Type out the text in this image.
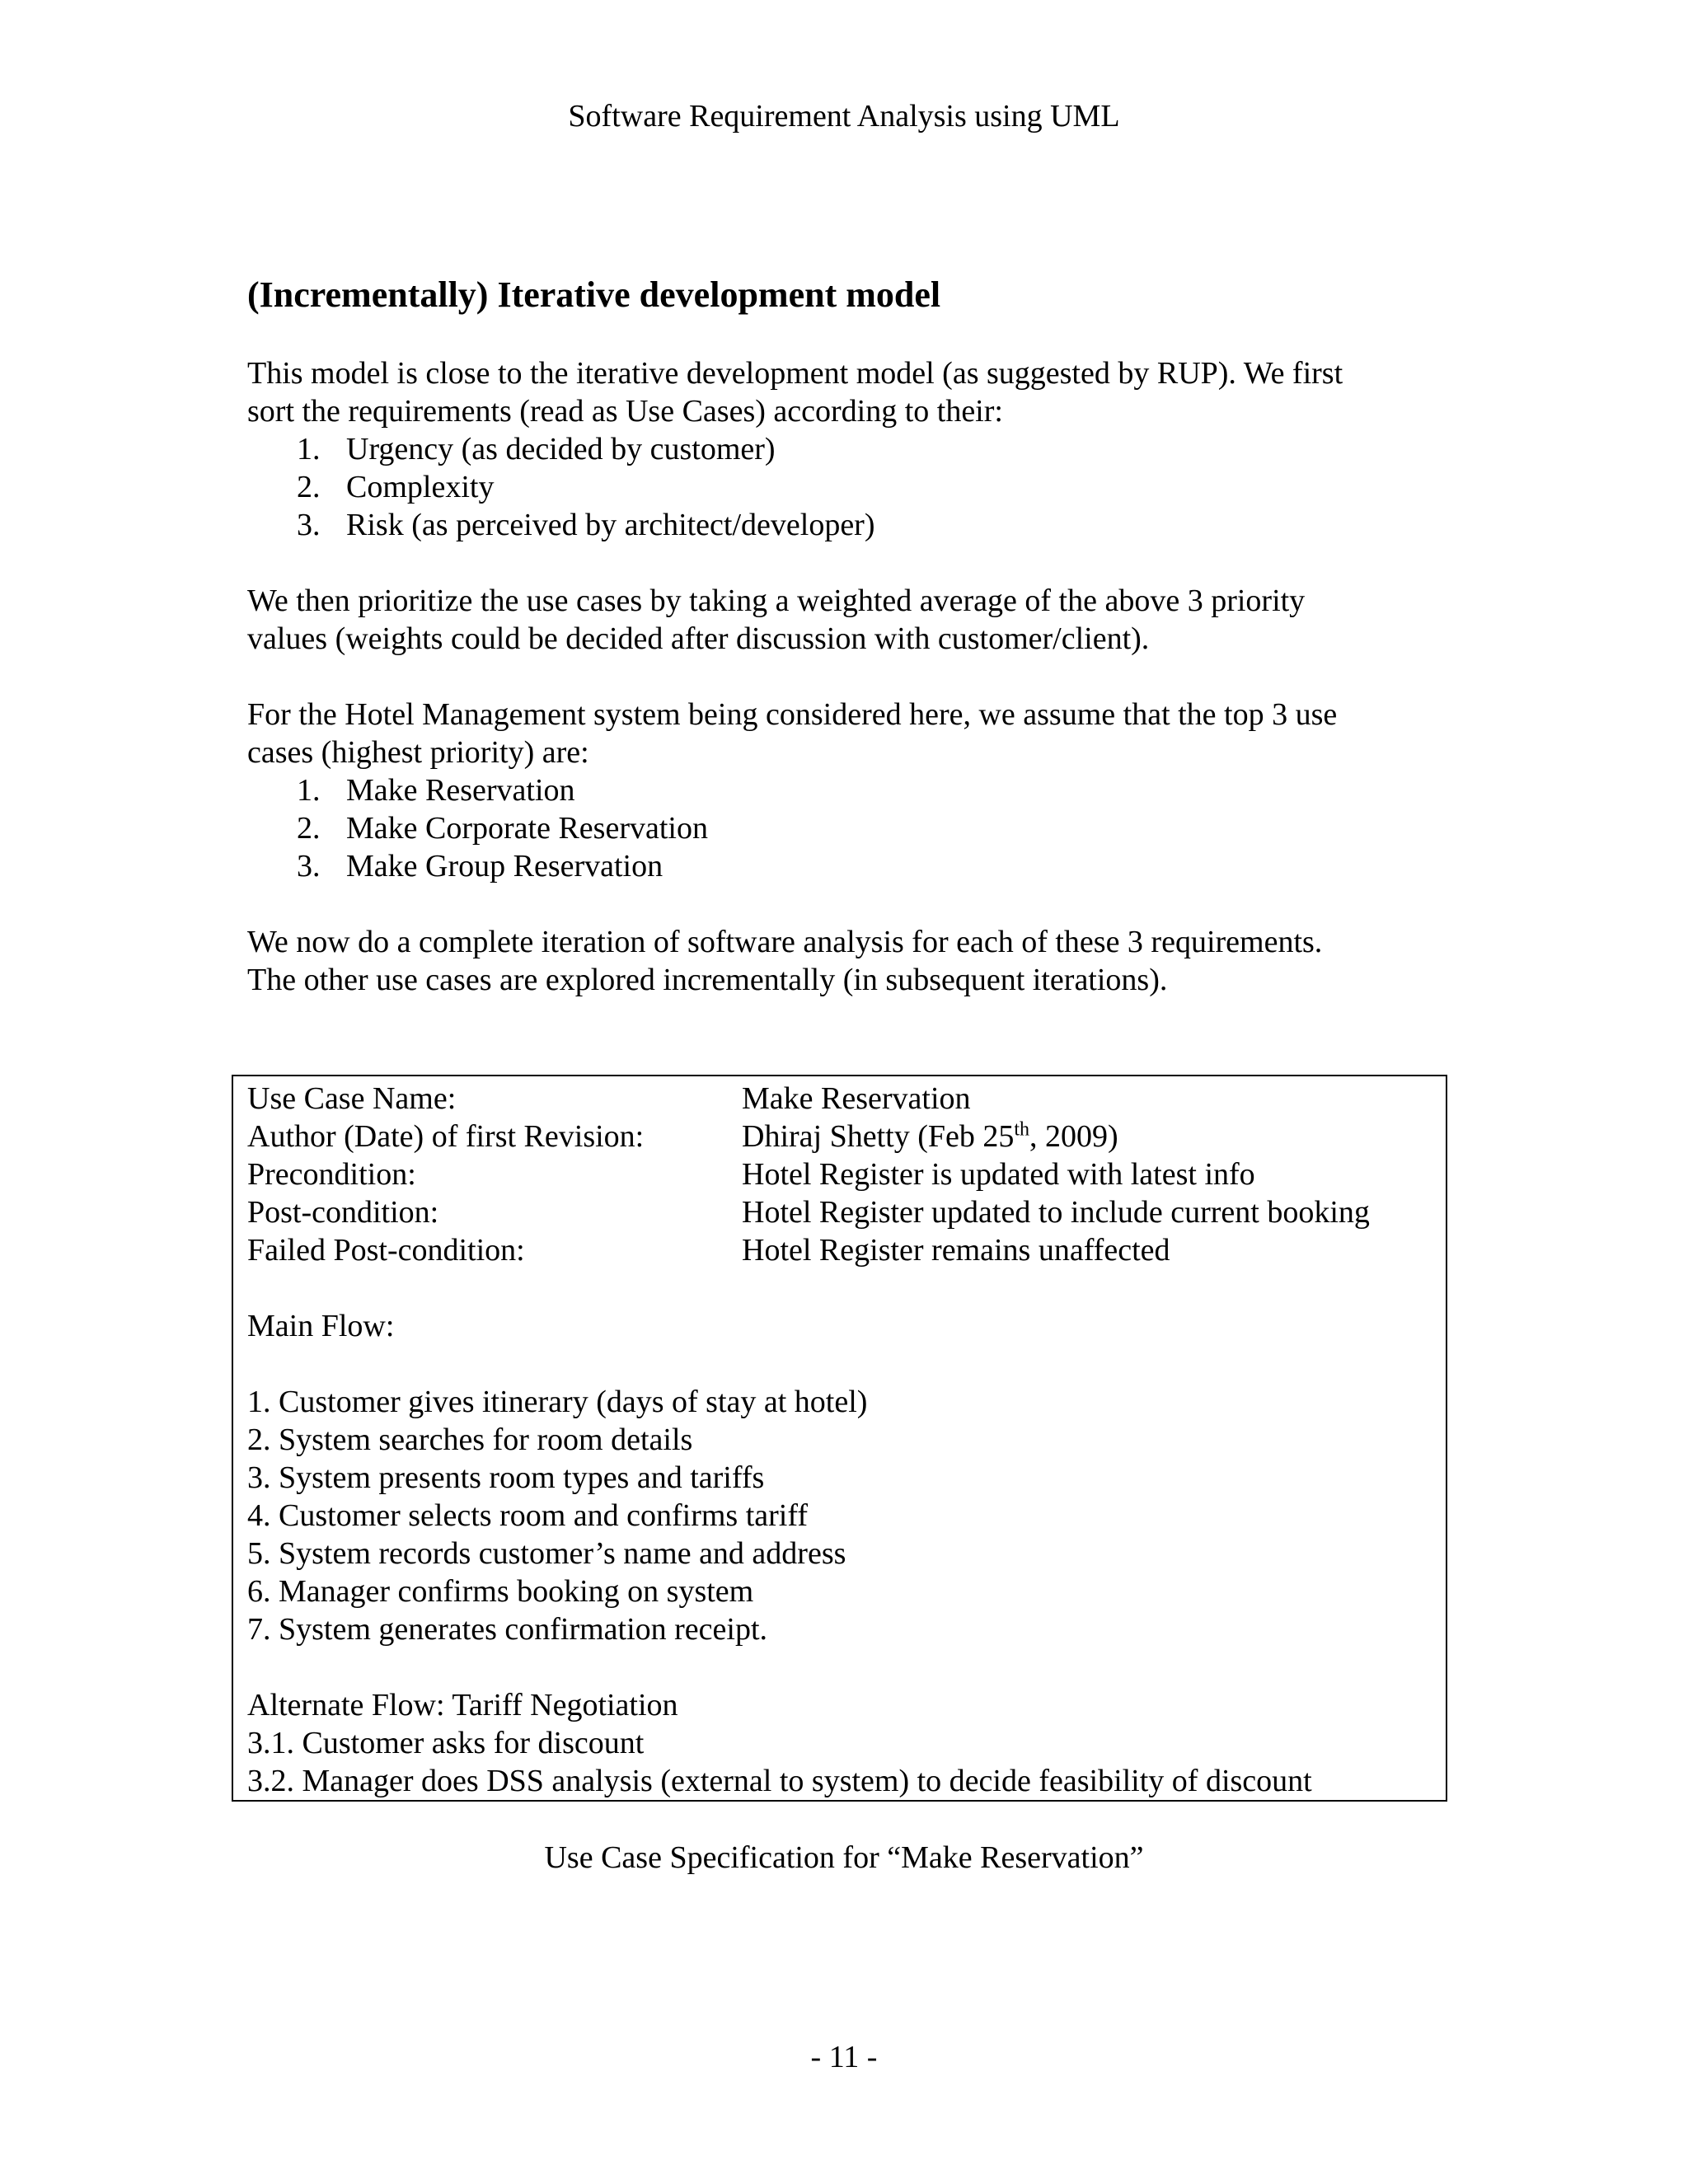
Software Requirement Analysis using UML
(Incrementally) Iterative development model

This model is close to the iterative development model (as suggested by RUP). We first

sort the requirements (read as Use Cases) according to their:

1. Urgency (as decided by customer)
2. Complexity
3. Risk (as perceived by architect/developer)

We then prioritize the use cases by taking a weighted average of the above 3 priority

values (weights could be decided after discussion with customer/client).

For the Hotel Management system being considered here, we assume that the top 3 use

cases (highest priority) are:

1. Make Reservation
2. Make Corporate Reservation
3. Make Group Reservation

We now do a complete iteration of software analysis for each of these 3 requirements.

The other use cases are explored incrementally (in subsequent iterations).

Use Case Name:	Make Reservation
Author (Date) of first Revision:	Dhiraj Shetty (Feb 25th, 2009)
Precondition:	Hotel Register is updated with latest info
Post-condition:	Hotel Register updated to include current booking
Failed Post-condition:	Hotel Register remains unaffected
Main Flow:
1. Customer gives itinerary (days of stay at hotel)
2. System searches for room details
3. System presents room types and tariffs
4. Customer selects room and confirms tariff
5. System records customer’s name and address
6. Manager confirms booking on system
7. System generates confirmation receipt.
Alternate Flow: Tariff Negotiation
3.1. Customer asks for discount
3.2. Manager does DSS analysis (external to system) to decide feasibility of discount
Use Case Specification for “Make Reservation”
- 11 -
